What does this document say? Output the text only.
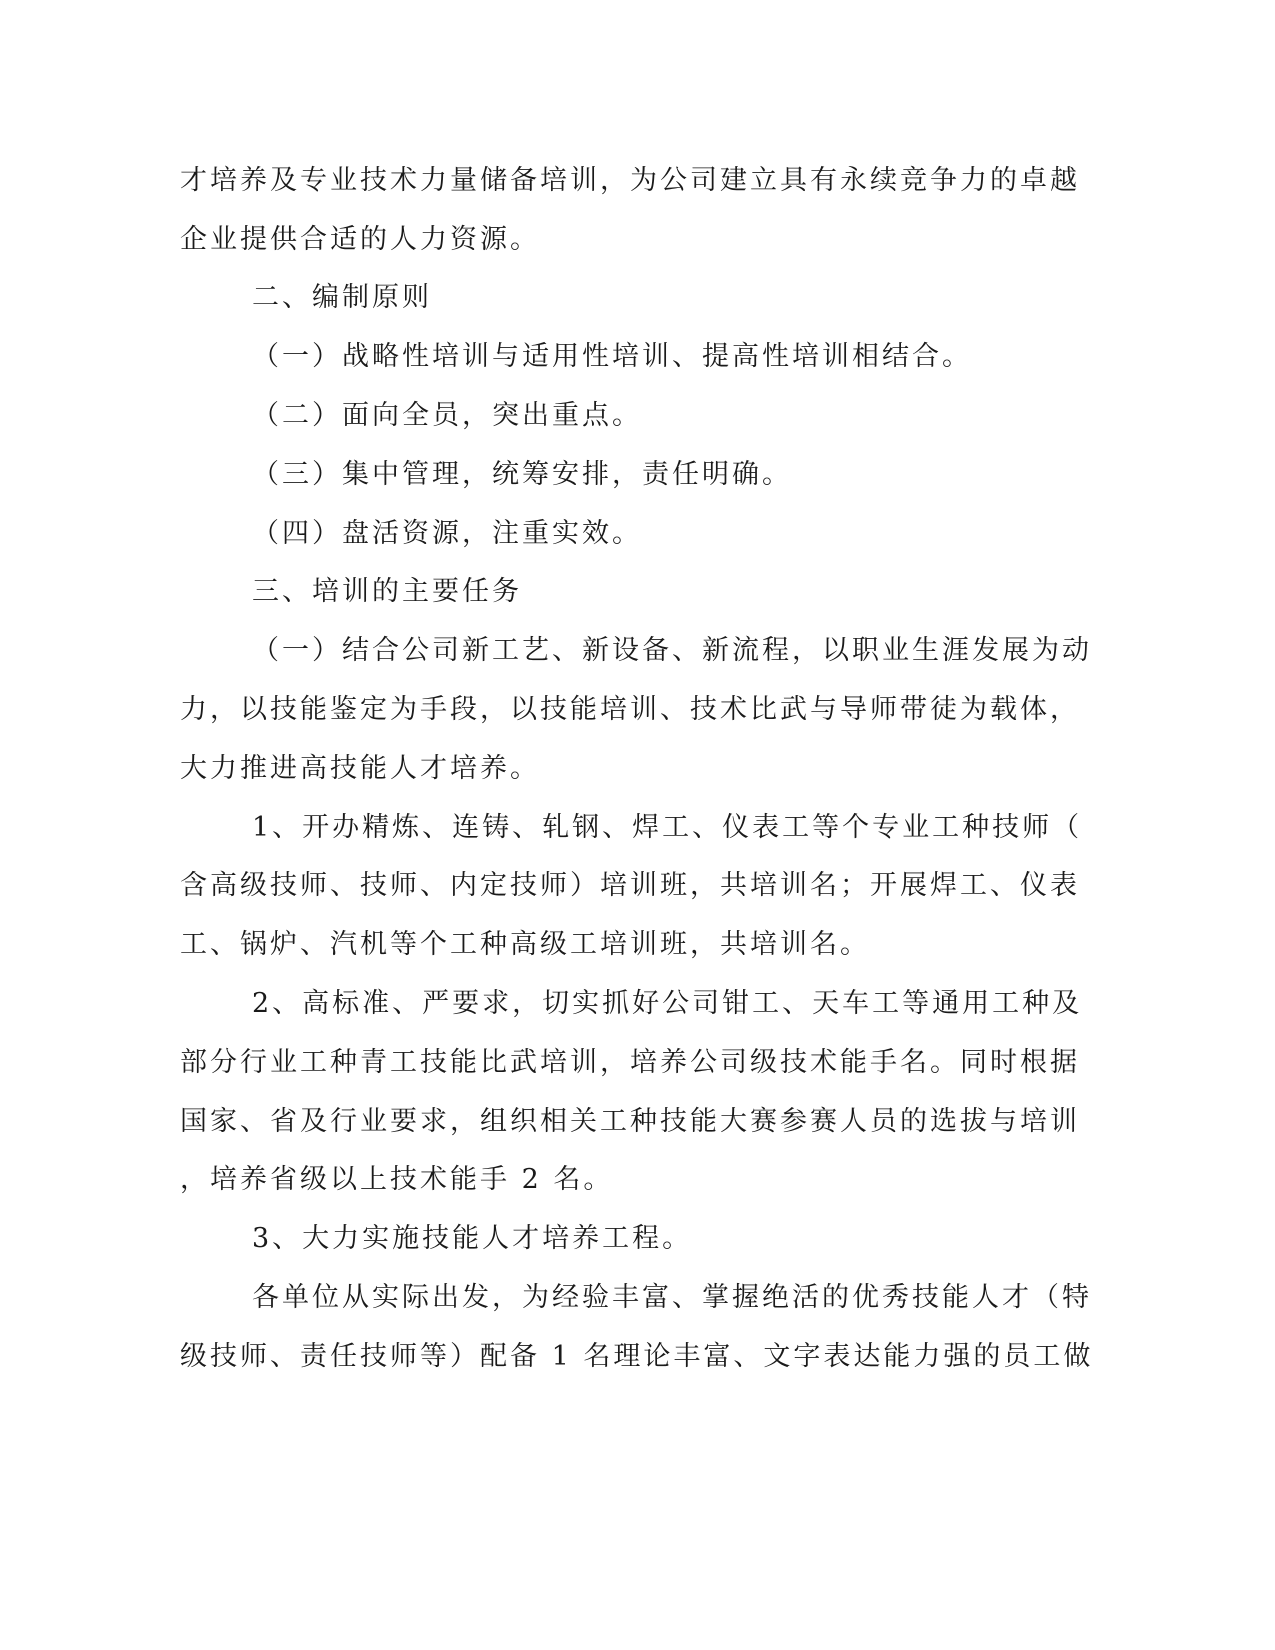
才培养及专业技术力量储备培训，为公司建立具有永续竞争力的卓越
企业提供合适的人力资源。
二、编制原则
（一）战略性培训与适用性培训、提高性培训相结合。
（二）面向全员，突出重点。
（三）集中管理，统筹安排，责任明确。
（四）盘活资源，注重实效。
三、培训的主要任务
（一）结合公司新工艺、新设备、新流程，以职业生涯发展为动
力，以技能鉴定为手段，以技能培训、技术比武与导师带徒为载体，
大力推进高技能人才培养。
1、开办精炼、连铸、轧钢、焊工、仪表工等个专业工种技师（
含高级技师、技师、内定技师）培训班，共培训名；开展焊工、仪表
工、锅炉、汽机等个工种高级工培训班，共培训名。
2、高标准、严要求，切实抓好公司钳工、天车工等通用工种及
部分行业工种青工技能比武培训，培养公司级技术能手名。同时根据
国家、省及行业要求，组织相关工种技能大赛参赛人员的选拔与培训
，培养省级以上技术能手 2 名。
3、大力实施技能人才培养工程。
各单位从实际出发，为经验丰富、掌握绝活的优秀技能人才（特
级技师、责任技师等）配备 1 名理论丰富、文字表达能力强的员工做
